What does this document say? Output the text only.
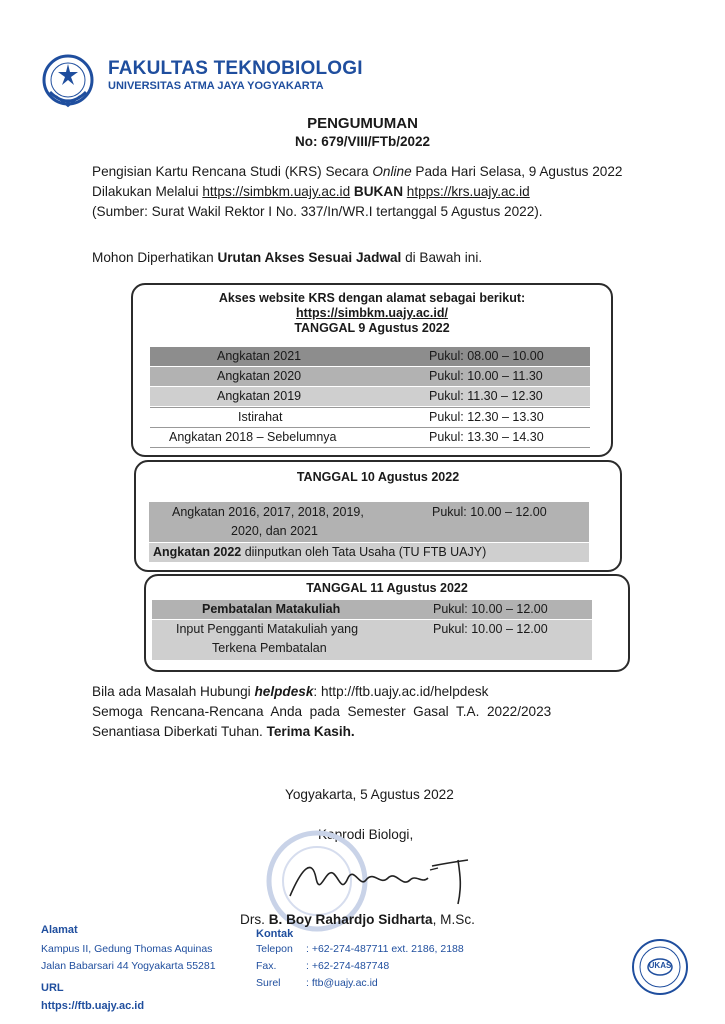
FAKULTAS TEKNOBIOLOGI
UNIVERSITAS ATMA JAYA YOGYAKARTA
PENGUMUMAN
No: 679/VIII/FTb/2022
Pengisian Kartu Rencana Studi (KRS) Secara Online Pada Hari Selasa, 9 Agustus 2022 Dilakukan Melalui https://simbkm.uajy.ac.id BUKAN htpps://krs.uajy.ac.id
(Sumber: Surat Wakil Rektor I No. 337/In/WR.I tertanggal 5 Agustus 2022).
Mohon Diperhatikan Urutan Akses Sesuai Jadwal di Bawah ini.
Akses website KRS dengan alamat sebagai berikut:
https://simbkm.uajy.ac.id/
TANGGAL 9 Agustus 2022
Angkatan 2021	Pukul: 08.00 – 10.00
Angkatan 2020	Pukul: 10.00 – 11.30
Angkatan 2019	Pukul: 11.30 – 12.30
Istirahat	Pukul: 12.30 – 13.30
Angkatan 2018 – Sebelumnya	Pukul: 13.30 – 14.30
TANGGAL 10 Agustus 2022
Angkatan 2016, 2017, 2018, 2019,
2020, dan 2021
Pukul: 10.00 – 12.00
Angkatan 2022 diinputkan oleh Tata Usaha (TU FTB UAJY)
TANGGAL 11 Agustus 2022
Pembatalan Matakuliah	Pukul: 10.00 – 12.00
Input Pengganti Matakuliah yang
Terkena Pembatalan
Pukul: 10.00 – 12.00
Bila ada Masalah Hubungi helpdesk: http://ftb.uajy.ac.id/helpdesk
Semoga  Rencana-Rencana  Anda  pada  Semester  Gasal  T.A.  2022/2023
Senantiasa Diberkati Tuhan. Terima Kasih.
Yogyakarta, 5 Agustus 2022
Kaprodi Biologi,
Drs. B. Boy Rahardjo Sidharta, M.Sc.
Alamat
Kampus II, Gedung Thomas Aquinas
Jalan Babarsari 44 Yogyakarta 55281
URL
https://ftb.uajy.ac.id
Kontak
Telepon : +62-274-487711 ext. 2186, 2188
Fax.	: +62-274-487748
Surel : ftb@uajy.ac.id
UKAS
